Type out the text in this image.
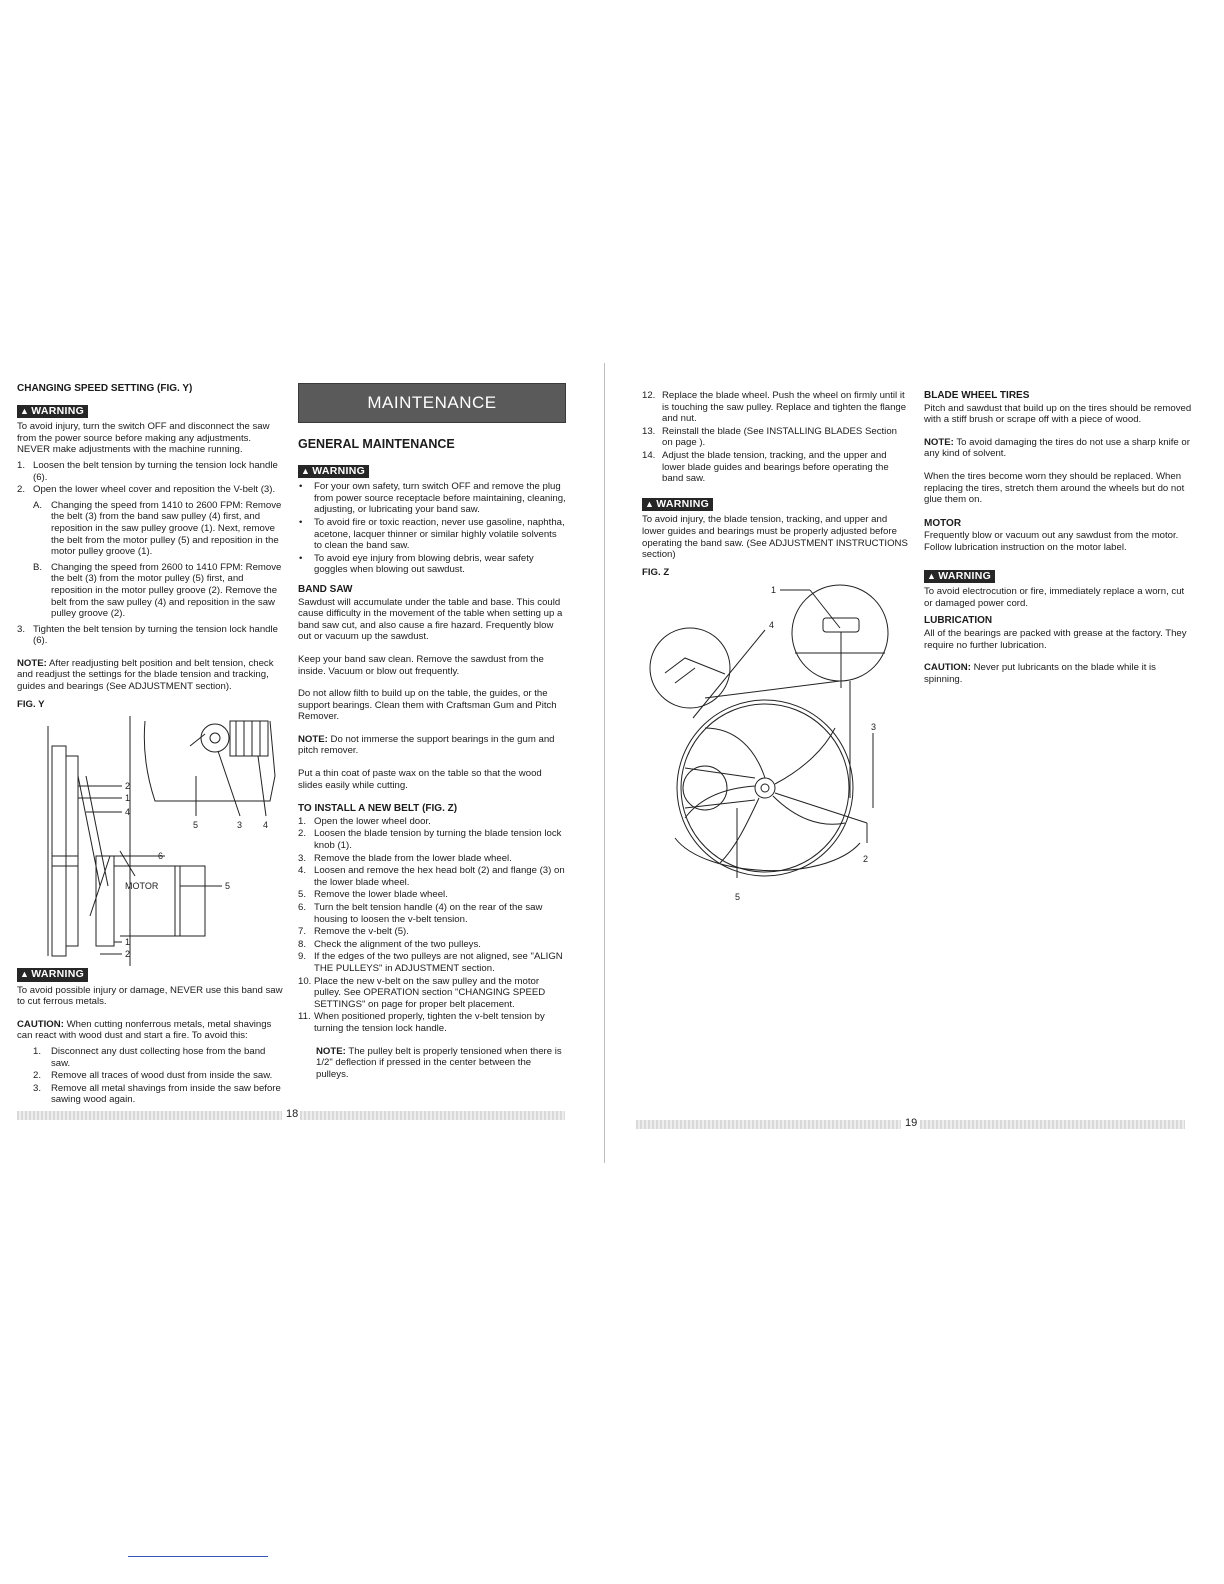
CHANGING SPEED SETTING (FIG. Y)
▲ WARNING

To avoid injury, turn the switch OFF and disconnect the saw from the power source before making any adjustments. NEVER make adjustments with the machine running.

1. Loosen the belt tension by turning the tension lock handle (6).
2. Open the lower wheel cover and reposition the V-belt (3).
A. Changing the speed from 1410 to 2600 FPM: Remove the belt (3) from the band saw pulley (4) first, and reposition in the saw pulley groove (1). Next, remove the belt from the motor pulley (5) and reposition in the motor pulley groove (1).
B. Changing the speed from 2600 to 1410 FPM: Remove the belt (3) from the motor pulley (5) first, and reposition in the motor pulley groove (2). Remove the belt from the saw pulley (4) and reposition in the saw pulley groove (2).
3. Tighten the belt tension by turning the tension lock handle (6).

NOTE: After readjusting belt position and belt tension, check and readjust the settings for the blade tension and tracking, guides and bearings (See ADJUSTMENT section).

FIG. Y
MOTOR
2
1
4
6
5
1
2
5	3 4
▲ WARNING

To avoid possible injury or damage, NEVER use this band saw to cut ferrous metals.

CAUTION: When cutting nonferrous metals, metal shavings can react with wood dust and start a fire. To avoid this:

1.	Disconnect any dust collecting hose from the band saw.
2.	Remove all traces of wood dust from inside the saw.
3.	Remove all metal shavings from inside the saw before sawing wood again.
MAINTENANCE
GENERAL MAINTENANCE
▲ WARNING
• For your own safety, turn switch OFF and remove the plug from power source receptacle before maintaining, cleaning, adjusting, or lubricating your band saw.
• To avoid fire or toxic reaction, never use gasoline, naphtha, acetone, lacquer thinner or similar highly volatile solvents to clean the band saw.
• To avoid eye injury from blowing debris, wear safety goggles when blowing out sawdust.
BAND SAW

Sawdust will accumulate under the table and base. This could cause difficulty in the movement of the table when setting up a band saw cut, and also cause a fire hazard. Frequently blow out or vacuum up the sawdust.

Keep your band saw clean. Remove the sawdust from the inside. Vacuum or blow out frequently.

Do not allow filth to build up on the table, the guides, or the support bearings. Clean them with Craftsman Gum and Pitch Remover.

NOTE: Do not immerse the support bearings in the gum and pitch remover.

Put a thin coat of paste wax on the table so that the wood slides easily while cutting.

TO INSTALL A NEW BELT (FIG. Z)
1. Open the lower wheel door.
2. Loosen the blade tension by turning the blade tension lock knob (1).
3. Remove the blade from the lower blade wheel.
4. Loosen and remove the hex head bolt (2) and flange (3) on the lower blade wheel.
5. Remove the lower blade wheel.
6. Turn the belt tension handle (4) on the rear of the saw housing to loosen the v-belt tension.
7. Remove the v-belt (5).
8. Check the alignment of the two pulleys.
9. If the edges of the two pulleys are not aligned, see "ALIGN THE PULLEYS" in ADJUSTMENT section.
10. Place the new v-belt on the saw pulley and the motor pulley. See OPERATION section "CHANGING SPEED SETTINGS" on page for proper belt placement.
11. When positioned properly, tighten the v-belt tension by turning the tension lock handle.

NOTE: The pulley belt is properly tensioned when there is 1/2" deflection if pressed in the center between the pulleys.

18
12. Replace the blade wheel. Push the wheel on firmly until it is touching the saw pulley. Replace and tighten the flange and nut.
13. Reinstall the blade (See INSTALLING BLADES Section on page ).
14. Adjust the blade tension, tracking, and the upper and lower blade guides and bearings before operating the band saw.
▲ WARNING

To avoid injury, the blade tension, tracking, and upper and lower guides and bearings must be properly adjusted before operating the band saw. (See ADJUSTMENT INSTRUCTIONS section)

FIG. Z
1
4
3
2
5
BLADE WHEEL TIRES

Pitch and sawdust that build up on the tires should be removed with a stiff brush or scrape off with a piece of wood.

NOTE: To avoid damaging the tires do not use a sharp knife or any kind of solvent.

When the tires become worn they should be replaced. When replacing the tires, stretch them around the wheels but do not glue them on.

MOTOR

Frequently blow or vacuum out any sawdust from the motor. Follow lubrication instruction on the motor label.

▲ WARNING

To avoid electrocution or fire, immediately replace a worn, cut or damaged power cord.

LUBRICATION

All of the bearings are packed with grease at the factory. They require no further lubrication.

CAUTION: Never put lubricants on the blade while it is spinning.

19
